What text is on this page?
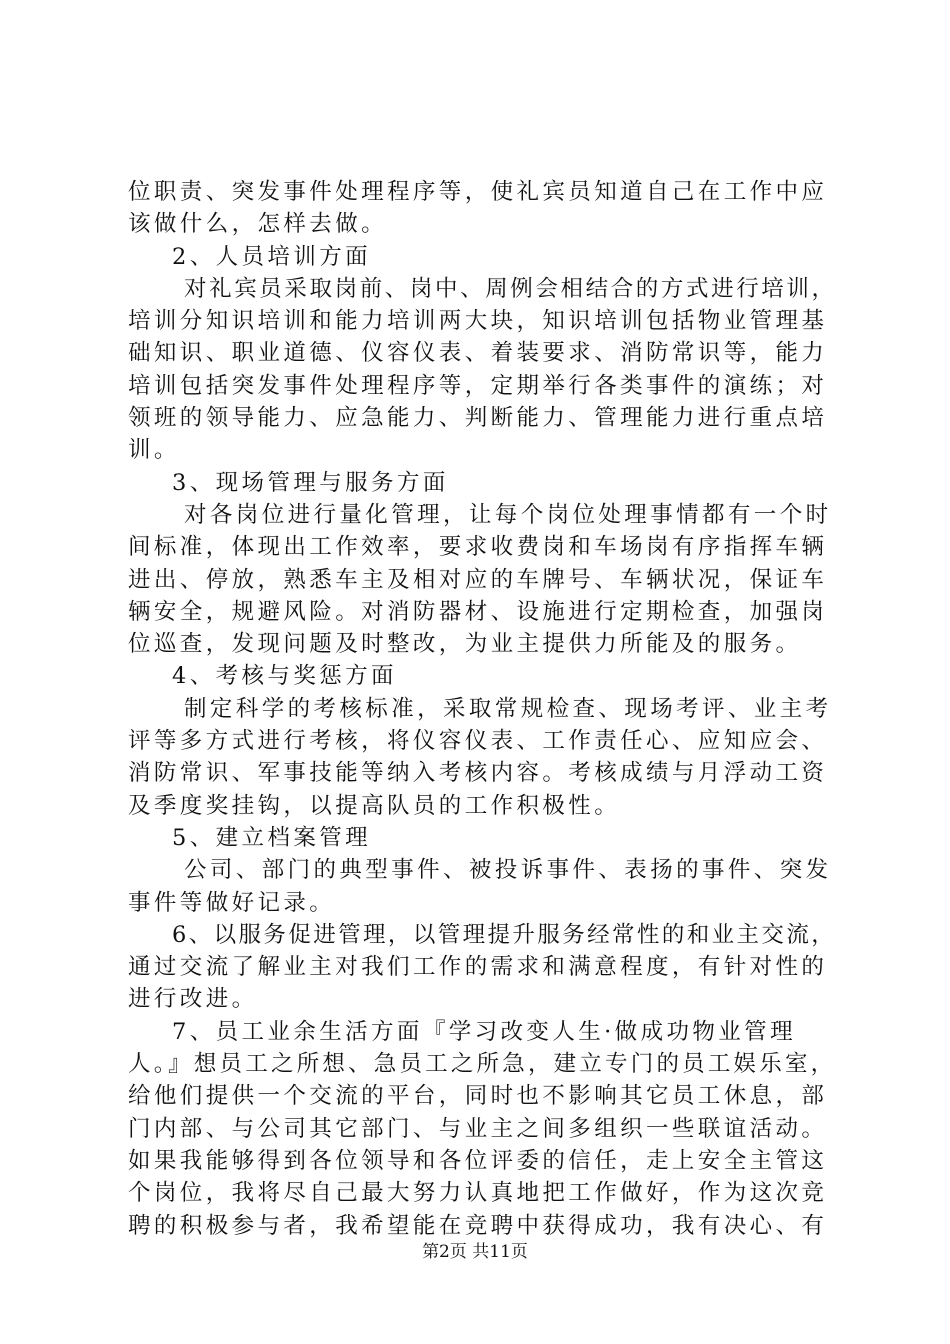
位职责、突发事件处理程序等，使礼宾员知道自己在工作中应
该做什么，怎样去做。
2、人员培训方面
对礼宾员采取岗前、岗中、周例会相结合的方式进行培训，
培训分知识培训和能力培训两大块，知识培训包括物业管理基
础知识、职业道德、仪容仪表、着装要求、消防常识等，能力
培训包括突发事件处理程序等，定期举行各类事件的演练；对
领班的领导能力、应急能力、判断能力、管理能力进行重点培
训。
3、现场管理与服务方面
对各岗位进行量化管理，让每个岗位处理事情都有一个时
间标准，体现出工作效率，要求收费岗和车场岗有序指挥车辆
进出、停放，熟悉车主及相对应的车牌号、车辆状况，保证车
辆安全，规避风险。对消防器材、设施进行定期检查，加强岗
位巡查，发现问题及时整改，为业主提供力所能及的服务。
4、考核与奖惩方面
制定科学的考核标准，采取常规检查、现场考评、业主考
评等多方式进行考核，将仪容仪表、工作责任心、应知应会、
消防常识、军事技能等纳入考核内容。考核成绩与月浮动工资
及季度奖挂钩，以提高队员的工作积极性。
5、建立档案管理
公司、部门的典型事件、被投诉事件、表扬的事件、突发
事件等做好记录。
6、以服务促进管理，以管理提升服务经常性的和业主交流，
通过交流了解业主对我们工作的需求和满意程度，有针对性的
进行改进。
7、员工业余生活方面『学习改变人生·做成功物业管理
人。』想员工之所想、急员工之所急，建立专门的员工娱乐室，
给他们提供一个交流的平台，同时也不影响其它员工休息，部
门内部、与公司其它部门、与业主之间多组织一些联谊活动。
如果我能够得到各位领导和各位评委的信任，走上安全主管这
个岗位，我将尽自己最大努力认真地把工作做好，作为这次竞
聘的积极参与者，我希望能在竞聘中获得成功，我有决心、有
第2页 共11页
